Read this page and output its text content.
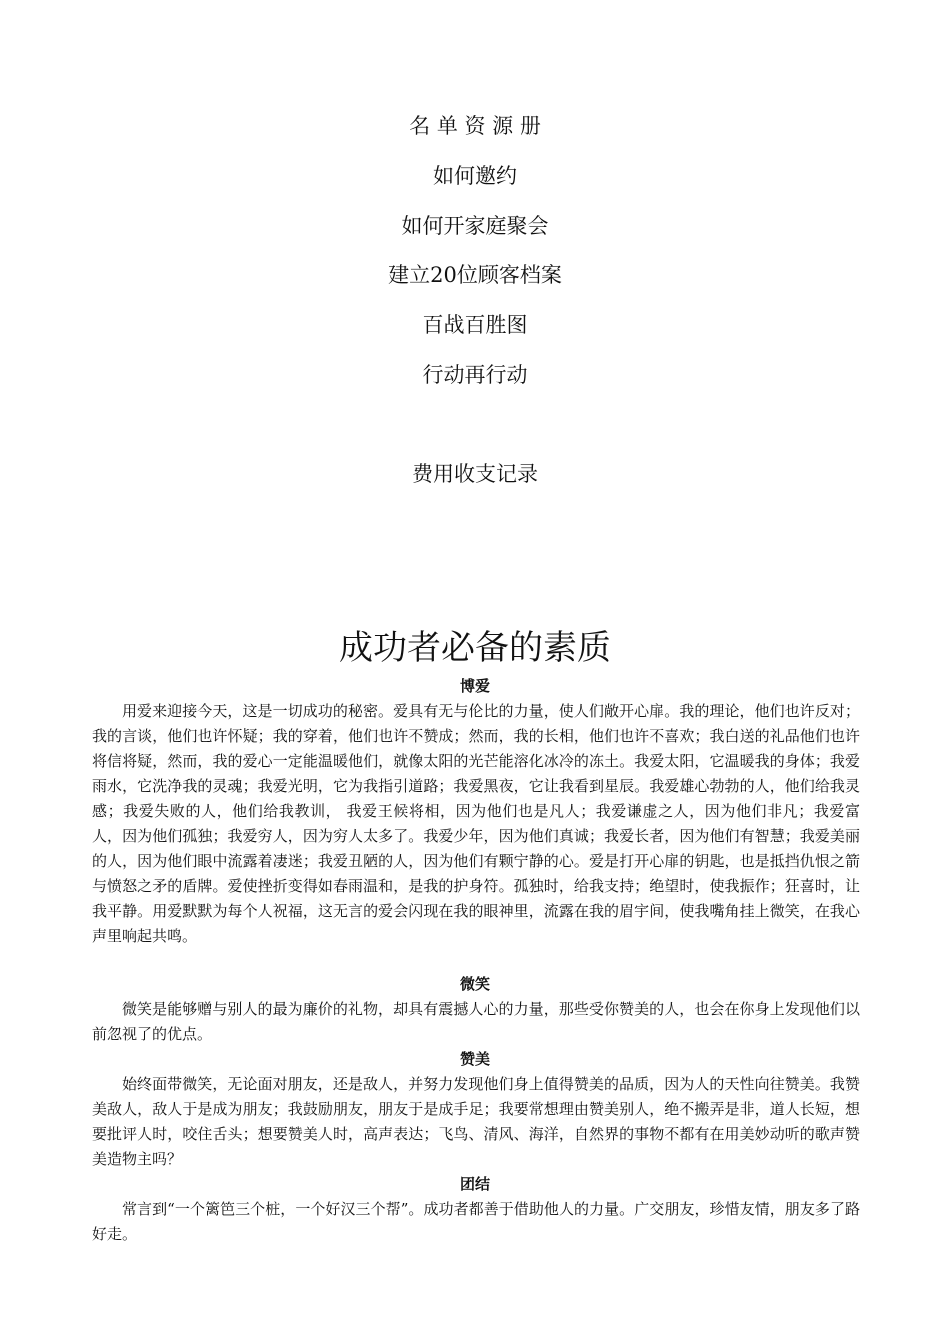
名 单 资 源 册
如何邀约
如何开家庭聚会
建立20位顾客档案
百战百胜图
行动再行动
费用收支记录
成功者必备的素质
博爱

用爱来迎接今天，这是一切成功的秘密。爱具有无与伦比的力量，使人们敞开心扉。我的理论，他们也许反对；我的言谈，他们也许怀疑；我的穿着，他们也许不赞成；然而，我的长相，他们也许不喜欢；我白送的礼品他们也许将信将疑，然而，我的爱心一定能温暖他们，就像太阳的光芒能溶化冰冷的冻土。我爱太阳，它温暖我的身体；我爱雨水，它洗净我的灵魂；我爱光明，它为我指引道路；我爱黑夜，它让我看到星辰。我爱雄心勃勃的人，他们给我灵感；我爱失败的人，他们给我教训， 我爱王候将相，因为他们也是凡人；我爱谦虚之人，因为他们非凡；我爱富人，因为他们孤独；我爱穷人，因为穷人太多了。我爱少年，因为他们真诚；我爱长者，因为他们有智慧；我爱美丽的人，因为他们眼中流露着凄迷；我爱丑陋的人，因为他们有颗宁静的心。爱是打开心扉的钥匙，也是抵挡仇恨之箭与愤怒之矛的盾牌。爱使挫折变得如春雨温和，是我的护身符。孤独时，给我支持；绝望时，使我振作；狂喜时，让我平静。用爱默默为每个人祝福，这无言的爱会闪现在我的眼神里，流露在我的眉宇间，使我嘴角挂上微笑，在我心声里响起共鸣。

微笑

微笑是能够赠与别人的最为廉价的礼物，却具有震撼人心的力量，那些受你赞美的人，也会在你身上发现他们以前忽视了的优点。

赞美

始终面带微笑，无论面对朋友，还是敌人，并努力发现他们身上值得赞美的品质，因为人的天性向往赞美。我赞美敌人，敌人于是成为朋友；我鼓励朋友，朋友于是成手足；我要常想理由赞美别人，绝不搬弄是非，道人长短，想要批评人时，咬住舌头；想要赞美人时，高声表达；飞鸟、清风、海洋，自然界的事物不都有在用美妙动听的歌声赞美造物主吗？

团结

常言到“一个篱笆三个桩，一个好汉三个帮”。成功者都善于借助他人的力量。广交朋友，珍惜友情，朋友多了路好走。
